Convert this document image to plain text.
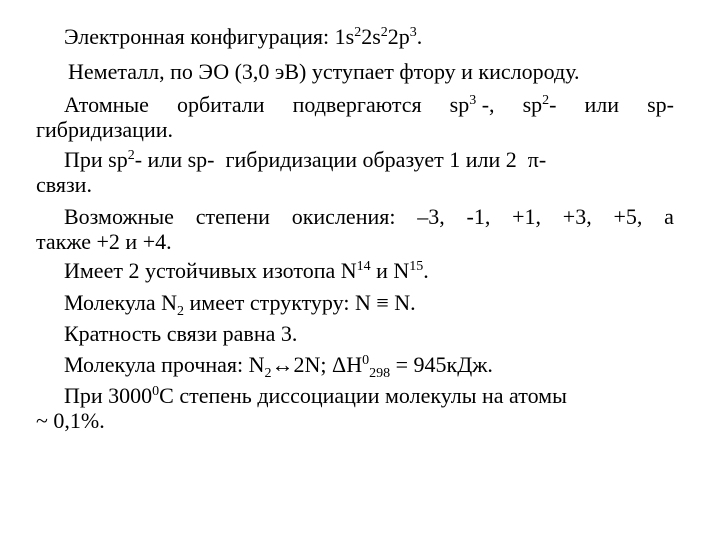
Электронная конфигурация: $1s^22s^22p^3$.

Неметалл, по ЭО (3,0 эВ) уступает фтору и кислороду.

Атомные орбитали подвергаются $sp^3$ -, $sp^2-$ или sp-
гибридизации.
При $sp^2-$ или sp-  гибридизации образует 1 или 2  π-
связи.
Возможные степени окисления: –3, -1, +1, +3, +5, а
также +2 и +4.

Имеет 2 устойчивых изотопа $N^{14}$ и $N^{15}$.

Молекула $N_2$ имеет структуру: N ≡ N.

Кратность связи равна 3.

Молекула прочная: $N_2\leftrightarrow 2N$; $\Delta H^0_{298} = 945кДж$.

При 3000$^0$С степень диссоциации молекулы на атомы
~ 0,1%.
